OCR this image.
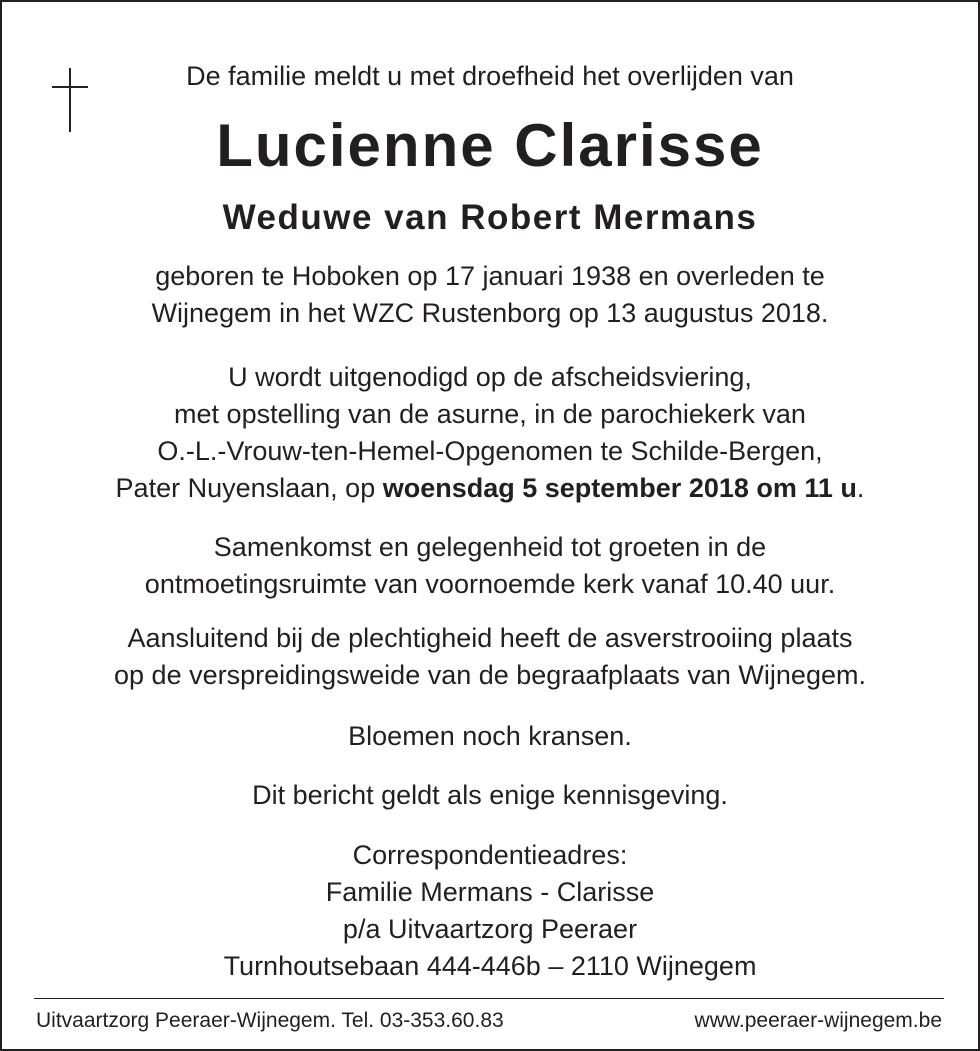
De familie meldt u met droefheid het overlijden van
Lucienne Clarisse
Weduwe van Robert Mermans
geboren te Hoboken op 17 januari 1938 en overleden te
Wijnegem in het WZC Rustenborg op 13 augustus 2018.
U wordt uitgenodigd op de afscheidsviering,
met opstelling van de asurne, in de parochiekerk van
O.-L.-Vrouw-ten-Hemel-Opgenomen te Schilde-Bergen,
Pater Nuyenslaan, op woensdag 5 september 2018 om 11 u.
Samenkomst en gelegenheid tot groeten in de
ontmoetingsruimte van voornoemde kerk vanaf 10.40 uur.
Aansluitend bij de plechtigheid heeft de asverstrooiing plaats
op de verspreidingsweide van de begraafplaats van Wijnegem.
Bloemen noch kransen.
Dit bericht geldt als enige kennisgeving.
Correspondentieadres:
Familie Mermans - Clarisse
p/a Uitvaartzorg Peeraer
Turnhoutsebaan 444-446b – 2110 Wijnegem
Uitvaartzorg Peeraer-Wijnegem. Tel. 03-353.60.83	www.peeraer-wijnegem.be
